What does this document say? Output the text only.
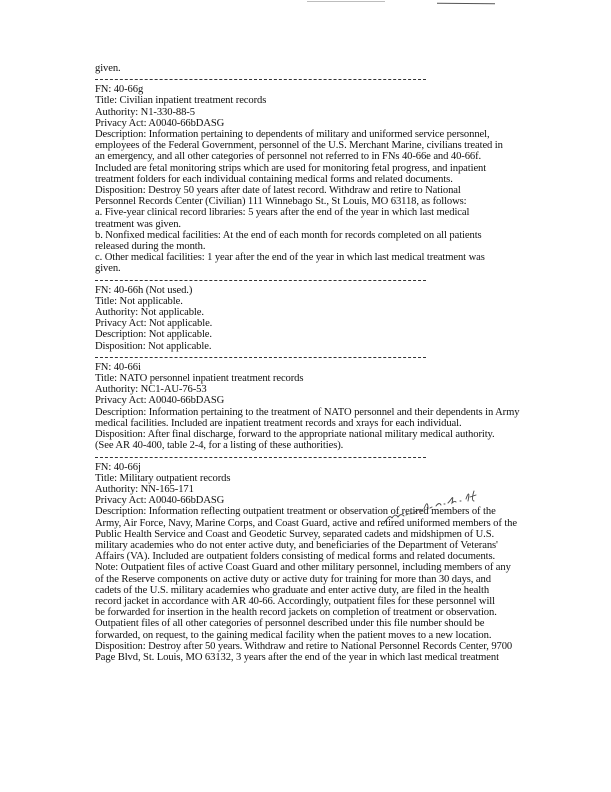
given.
FN: 40-66g
Title: Civilian inpatient treatment records
Authority: N1-330-88-5
Privacy Act: A0040-66bDASG
Description: Information pertaining to dependents of military and uniformed service personnel,
employees of the Federal Government, personnel of the U.S. Merchant Marine, civilians treated in
an emergency, and all other categories of personnel not referred to in FNs 40-66e and 40-66f.
Included are fetal monitoring strips which are used for monitoring fetal progress, and inpatient
treatment folders for each individual containing medical forms and related documents.
Disposition: Destroy 50 years after date of latest record. Withdraw and retire to National
Personnel Records Center (Civilian) 111 Winnebago St., St Louis, MO 63118, as follows:
a. Five-year clinical record libraries: 5 years after the end of the year in which last medical
treatment was given.
b. Nonfixed medical facilities: At the end of each month for records completed on all patients
released during the month.
c. Other medical facilities: 1 year after the end of the year in which last medical treatment was
given.
FN: 40-66h (Not used.)
Title: Not applicable.
Authority: Not applicable.
Privacy Act: Not applicable.
Description: Not applicable.
Disposition: Not applicable.
FN: 40-66i
Title: NATO personnel inpatient treatment records
Authority: NC1-AU-76-53
Privacy Act: A0040-66bDASG
Description: Information pertaining to the treatment of NATO personnel and their dependents in Army
medical facilities. Included are inpatient treatment records and xrays for each individual.
Disposition: After final discharge, forward to the appropriate national military medical authority.
(See AR 40-400, table 2-4, for a listing of these authorities).
FN: 40-66j
Title: Military outpatient records
Authority: NN-165-171
Privacy Act: A0040-66bDASG
Description: Information reflecting outpatient treatment or observation of retired members of the
Army, Air Force, Navy, Marine Corps, and Coast Guard, active and retired uniformed members of the
Public Health Service and Coast and Geodetic Survey, separated cadets and midshipmen of U.S.
military academies who do not enter active duty, and beneficiaries of the Department of Veterans'
Affairs (VA). Included are outpatient folders consisting of medical forms and related documents.
Note: Outpatient files of active Coast Guard and other military personnel, including members of any
of the Reserve components on active duty or active duty for training for more than 30 days, and
cadets of the U.S. military academies who graduate and enter active duty, are filed in the health
record jacket in accordance with AR 40-66. Accordingly, outpatient files for these personnel will
be forwarded for insertion in the health record jackets on completion of treatment or observation.
Outpatient files of all other categories of personnel described under this file number should be
forwarded, on request, to the gaining medical facility when the patient moves to a new location.
Disposition: Destroy after 50 years. Withdraw and retire to National Personnel Records Center, 9700
Page Blvd, St. Louis, MO 63132, 3 years after the end of the year in which last medical treatment
